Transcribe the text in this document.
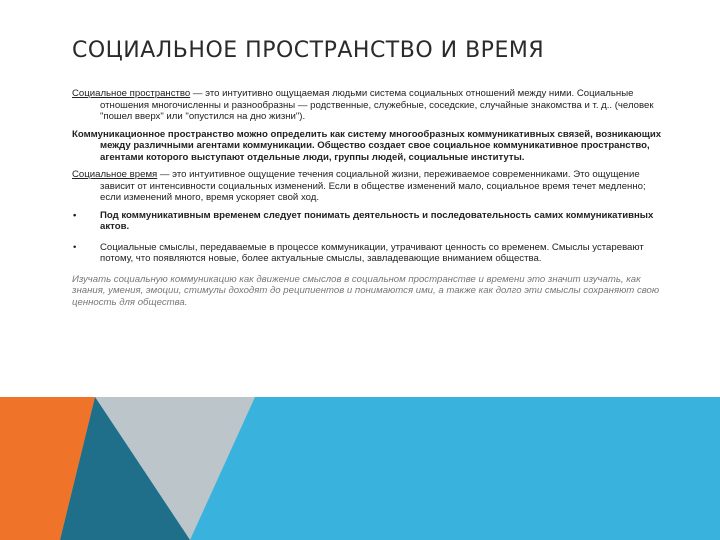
СОЦИАЛЬНОЕ ПРОСТРАНСТВО И ВРЕМЯ
Социальное пространство — это интуитивно ощущаемая людьми система социальных отношений между ними. Социальные отношения многочисленны и разнообразны — родственные, служебные, соседские, случайные знакомства и т. д.. (человек "пошел вверх" или "опустился на дно жизни").
Коммуникационное пространство можно определить как систему многообразных коммуникативных связей, возникающих между различными агентами коммуникации. Общество создает свое социальное коммуникативное пространство, агентами которого выступают отдельные люди, группы людей, социальные институты.
Социальное время — это интуитивное ощущение течения социальной жизни, переживаемое современниками. Это ощущение зависит от интенсивности социальных изменений. Если в обществе изменений мало, социальное время течет медленно; если изменений много, время ускоряет свой ход.
• Под коммуникативным временем следует понимать деятельность и последовательность самих коммуникативных актов.
• Социальные смыслы, передаваемые в процессе коммуникации, утрачивают ценность со временем. Смыслы устаревают потому, что появляются новые, более актуальные смыслы, завладевающие вниманием общества.
Изучать социальную коммуникацию как движение смыслов в социальном пространстве и времени это значит изучать, как знания, умения, эмоции, стимулы доходят до реципиентов и понимаются ими, а также как долго эти смыслы сохраняют свою ценность для общества.
